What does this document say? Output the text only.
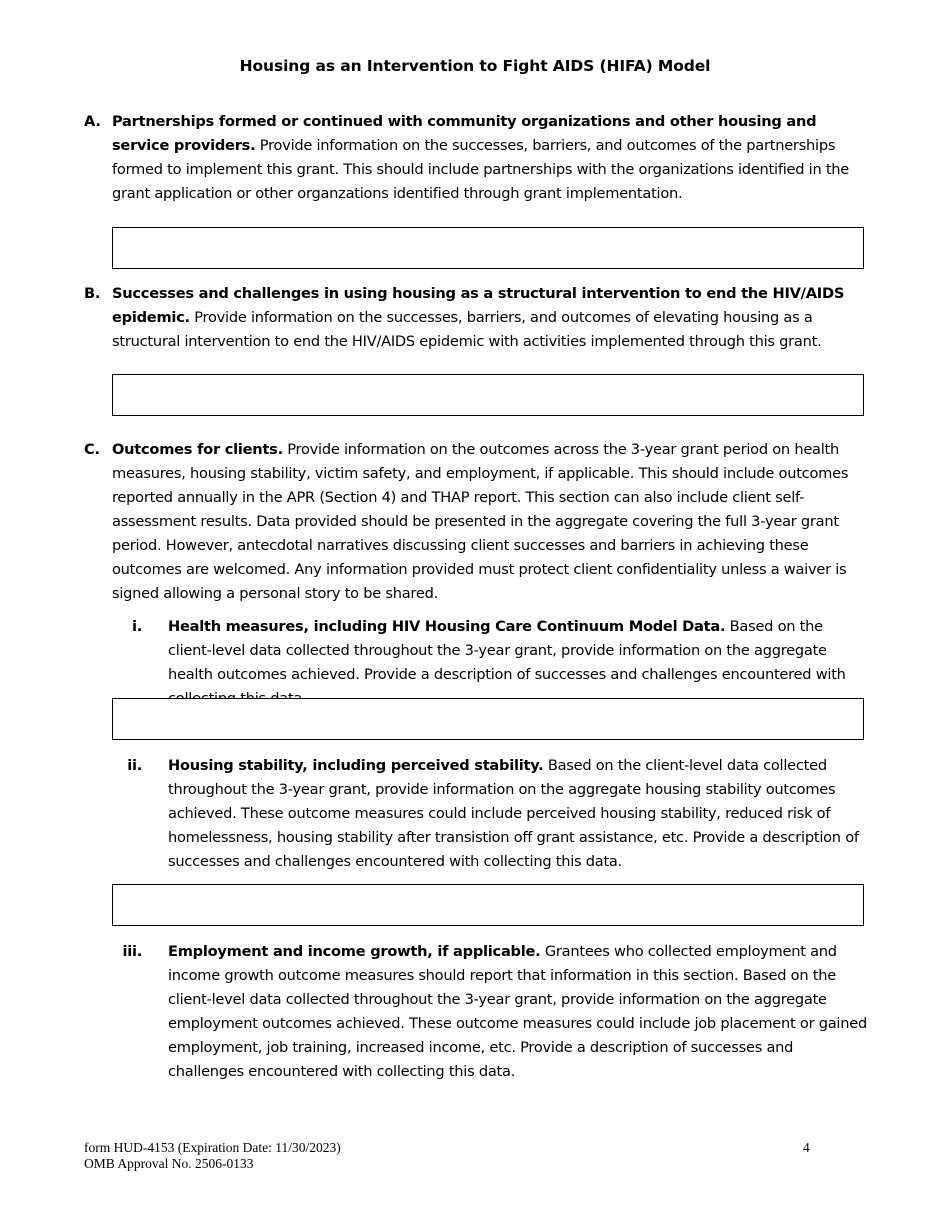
Housing as an Intervention to Fight AIDS (HIFA) Model
A. Partnerships formed or continued with community organizations and other housing and service providers. Provide information on the successes, barriers, and outcomes of the partnerships formed to implement this grant. This should include partnerships with the organizations identified in the grant application or other organzations identified through grant implementation.
B. Successes and challenges in using housing as a structural intervention to end the HIV/AIDS epidemic. Provide information on the successes, barriers, and outcomes of elevating housing as a structural intervention to end the HIV/AIDS epidemic with activities implemented through this grant.
C. Outcomes for clients. Provide information on the outcomes across the 3-year grant period on health measures, housing stability, victim safety, and employment, if applicable. This should include outcomes reported annually in the APR (Section 4) and THAP report. This section can also include client self-assessment results. Data provided should be presented in the aggregate covering the full 3-year grant period. However, antecdotal narratives discussing client successes and barriers in achieving these outcomes are welcomed. Any information provided must protect client confidentiality unless a waiver is signed allowing a personal story to be shared.
i. Health measures, including HIV Housing Care Continuum Model Data. Based on the client-level data collected throughout the 3-year grant, provide information on the aggregate health outcomes achieved. Provide a description of successes and challenges encountered with
ii. Housing stability, including perceived stability. Based on the client-level data collected throughout the 3-year grant, provide information on the aggregate housing stability outcomes achieved. These outcome measures could include perceived housing stability, reduced risk of homelessness, housing stability after transistion off grant assistance, etc. Provide a description of successes and challenges encountered with collecting this data.
iii. Employment and income growth, if applicable. Grantees who collected employment and income growth outcome measures should report that information in this section. Based on the client-level data collected throughout the 3-year grant, provide information on the aggregate employment outcomes achieved. These outcome measures could include job placement or gained employment, job training, increased income, etc. Provide a description of successes and challenges encountered with collecting this data.
form HUD-4153 (Expiration Date: 11/30/2023)
OMB Approval No. 2506-0133
4
